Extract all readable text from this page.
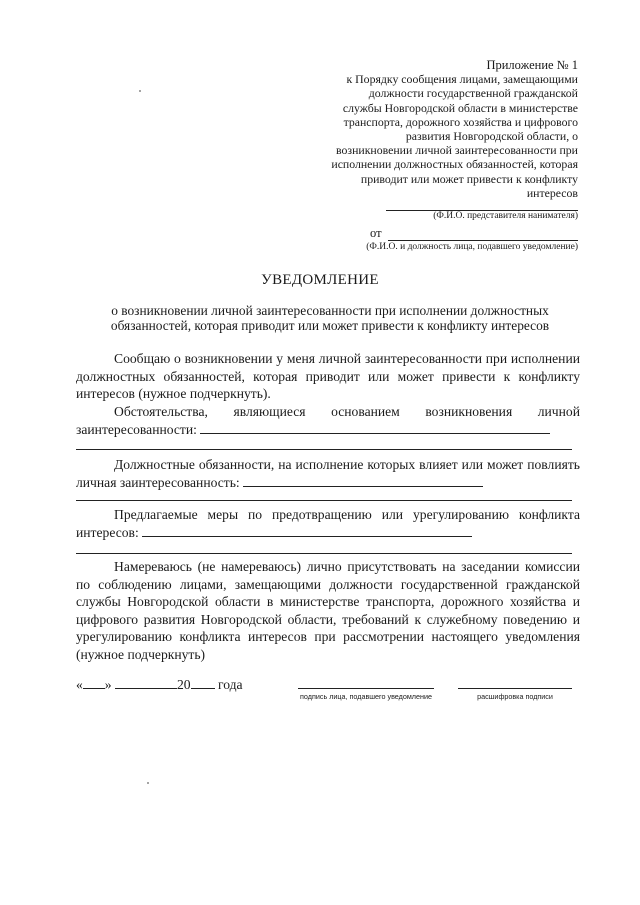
Приложение № 1
к Порядку сообщения лицами, замещающими
должности государственной гражданской
службы Новгородской области в министерстве
транспорта, дорожного хозяйства и цифрового
развития Новгородской области, о
возникновении личной заинтересованности при
исполнении должностных обязанностей, которая
приводит или может привести к конфликту
интересов
(Ф.И.О. представителя нанимателя)
от
(Ф.И.О. и должность лица, подавшего уведомление)
УВЕДОМЛЕНИЕ
о возникновении личной заинтересованности при исполнении должностных
обязанностей, которая приводит или может привести к конфликту интересов

Сообщаю о возникновении у меня личной заинтересованности при исполнении должностных обязанностей, которая приводит или может привести к конфликту интересов (нужное подчеркнуть).

Обстоятельства, являющиеся основанием возникновения личной заинтересованности:

Должностные обязанности, на исполнение которых влияет или может повлиять личная заинтересованность:

Предлагаемые меры по предотвращению или урегулированию конфликта интересов:

Намереваюсь (не намереваюсь) лично присутствовать на заседании комиссии по соблюдению лицами, замещающими должности государственной гражданской службы Новгородской области в министерстве транспорта, дорожного хозяйства и цифрового развития Новгородской области, требований к служебному поведению и урегулированию конфликта интересов при рассмотрении настоящего уведомления (нужное подчеркнуть)

« »	20 года
подпись лица, подавшего уведомление	расшифровка подписи
